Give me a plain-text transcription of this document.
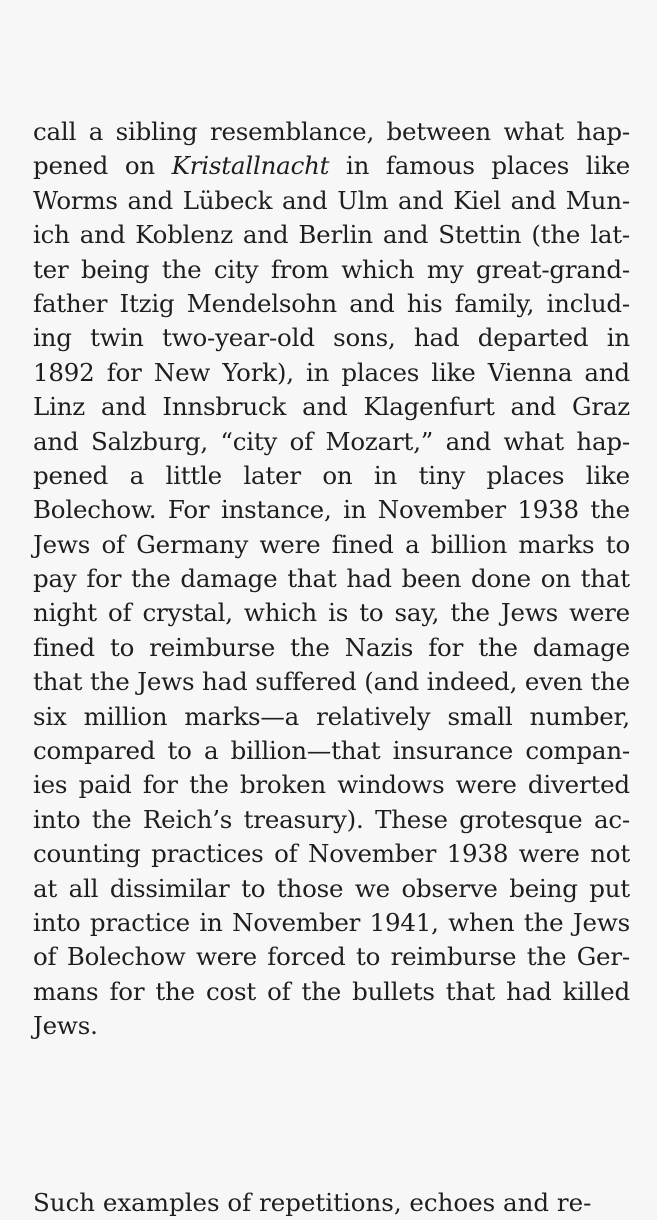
call a sibling resemblance, between what hap-
pened on Kristallnacht in famous places like
Worms and Lübeck and Ulm and Kiel and Mun-
ich and Koblenz and Berlin and Stettin (the lat-
ter being the city from which my great-grand-
father Itzig Mendelsohn and his family, includ-
ing twin two-year-old sons, had departed in
1892 for New York), in places like Vienna and
Linz and Innsbruck and Klagenfurt and Graz
and Salzburg, “city of Mozart,” and what hap-
pened a little later on in tiny places like
Bolechow. For instance, in November 1938 the
Jews of Germany were fined a billion marks to
pay for the damage that had been done on that
night of crystal, which is to say, the Jews were
fined to reimburse the Nazis for the damage
that the Jews had suffered (and indeed, even the
six million marks—a relatively small number,
compared to a billion—that insurance compan-
ies paid for the broken windows were diverted
into the Reich’s treasury). These grotesque ac-
counting practices of November 1938 were not
at all dissimilar to those we observe being put
into practice in November 1941, when the Jews
of Bolechow were forced to reimburse the Ger-
mans for the cost of the bullets that had killed
Jews.
Such examples of repetitions, echoes and re-
